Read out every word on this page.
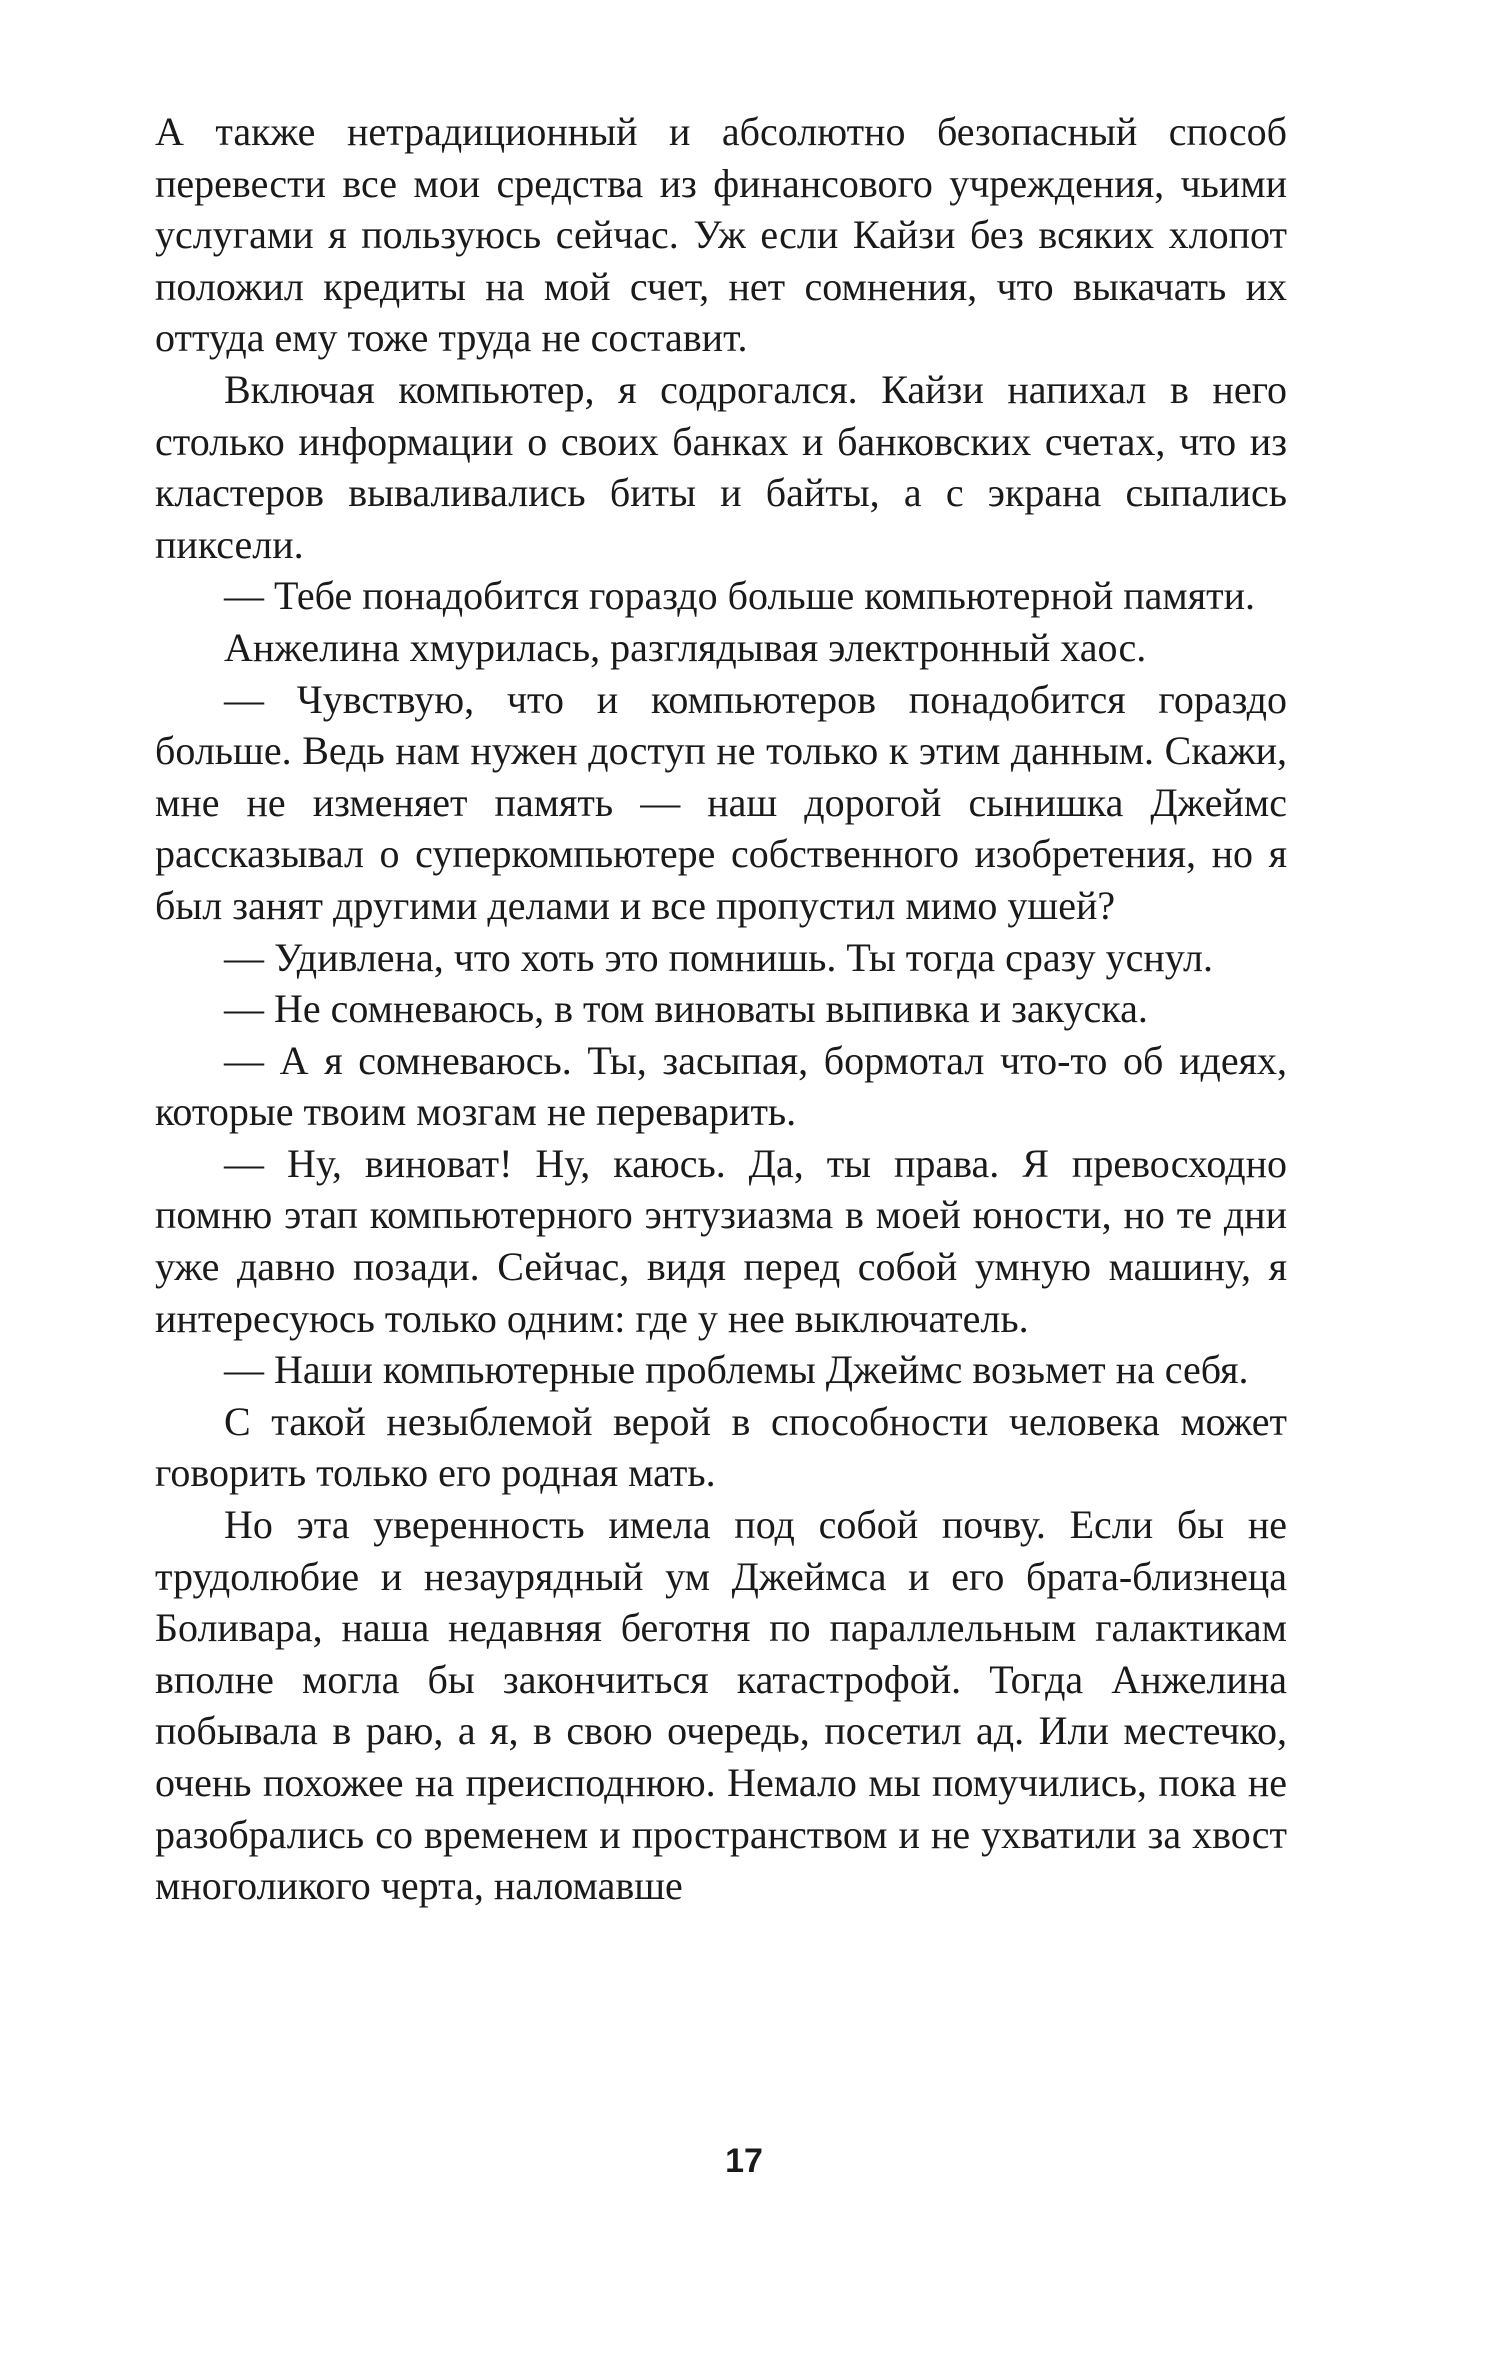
А также нетрадиционный и абсолютно безопасный способ перевести все мои средства из финансового учреждения, чьими услугами я пользуюсь сейчас. Уж если Кайзи без всяких хлопот положил кредиты на мой счет, нет сомнения, что выкачать их оттуда ему тоже труда не составит.

Включая компьютер, я содрогался. Кайзи напихал в него столько информации о своих банках и банковских счетах, что из кластеров вываливались биты и байты, а с экрана сыпались пиксели.

— Тебе понадобится гораздо больше компьютерной памяти.

Анжелина хмурилась, разглядывая электронный хаос.

— Чувствую, что и компьютеров понадобится гораздо больше. Ведь нам нужен доступ не только к этим данным. Скажи, мне не изменяет память — наш дорогой сынишка Джеймс рассказывал о суперкомпьютере собственного изобретения, но я был занят другими делами и все пропустил мимо ушей?

— Удивлена, что хоть это помнишь. Ты тогда сразу уснул.

— Не сомневаюсь, в том виноваты выпивка и закуска.

— А я сомневаюсь. Ты, засыпая, бормотал что-то об идеях, которые твоим мозгам не переварить.

— Ну, виноват! Ну, каюсь. Да, ты права. Я превосходно помню этап компьютерного энтузиазма в моей юности, но те дни уже давно позади. Сейчас, видя перед собой умную машину, я интересуюсь только одним: где у нее выключатель.

— Наши компьютерные проблемы Джеймс возьмет на себя.

С такой незыблемой верой в способности человека может говорить только его родная мать.

Но эта уверенность имела под собой почву. Если бы не трудолюбие и незаурядный ум Джеймса и его брата-близнеца Боливара, наша недавняя беготня по параллельным галактикам вполне могла бы закончиться катастрофой. Тогда Анжелина побывала в раю, а я, в свою очередь, посетил ад. Или местечко, очень похожее на преисподнюю. Немало мы помучились, пока не разобрались со временем и пространством и не ухватили за хвост многоликого черта, наломавше

17
